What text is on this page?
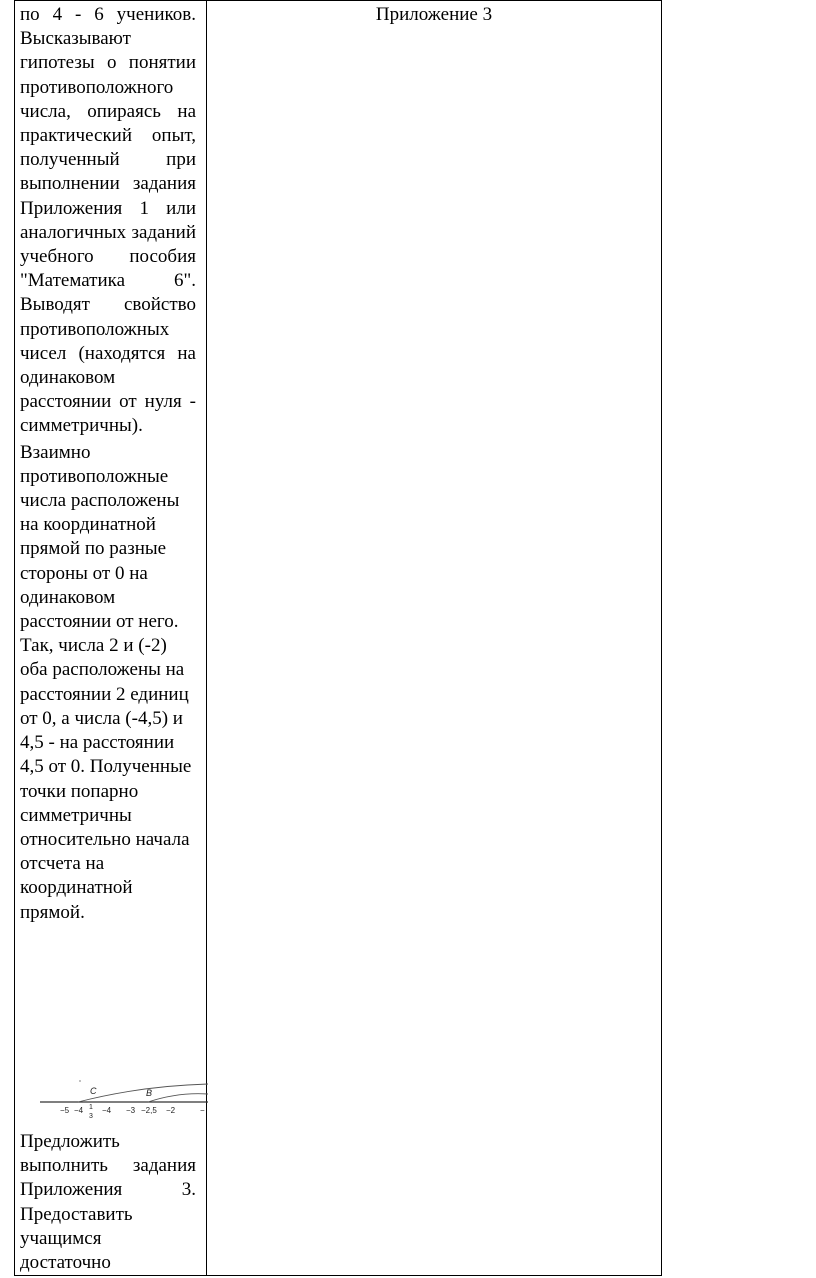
по 4 - 6 учеников. Высказывают гипотезы о понятии противоположного числа, опираясь на практический опыт, полученный при выполнении задания Приложения 1 или аналогичных заданий учебного пособия "Математика 6". Выводят свойство противоположных чисел (находятся на одинаковом расстоянии от нуля - симметричны).

Взаимно противоположные числа расположены на координатной прямой по разные стороны от 0 на одинаковом расстоянии от него. Так, числа 2 и (-2) оба расположены на расстоянии 2 единиц от 0, а числа (-4,5) и 4,5 - на расстоянии 4,5 от 0. Полученные точки попарно симметричны относительно начала отсчета на координатной прямой.

Приложение 3
C	B
−5 −4 1
3
−4 −3 −2,5 −2	−

Предложить выполнить задания Приложения 3. Предоставить учащимся достаточно
